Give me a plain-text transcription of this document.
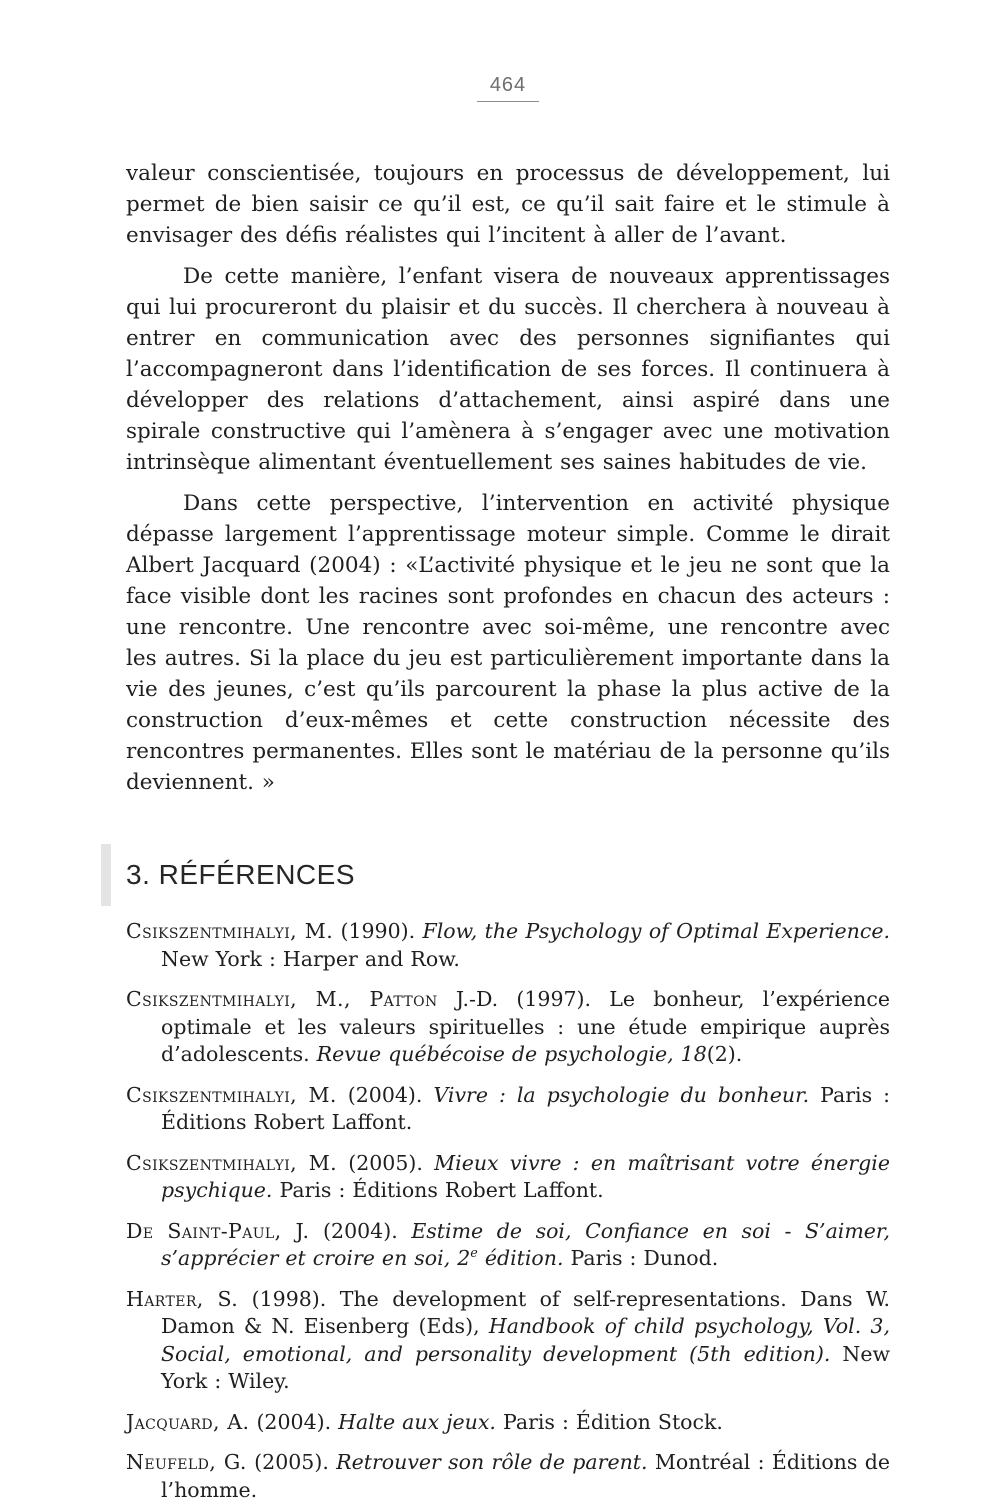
464

valeur conscientisée, toujours en processus de développement, lui permet de bien saisir ce qu’il est, ce qu’il sait faire et le stimule à envisager des défis réalistes qui l’incitent à aller de l’avant.

De cette manière, l’enfant visera de nouveaux apprentissages qui lui procureront du plaisir et du succès. Il cherchera à nouveau à entrer en communication avec des personnes signifiantes qui l’accompagneront dans l’identification de ses forces. Il continuera à développer des relations d’attachement, ainsi aspiré dans une spirale constructive qui l’amènera à s’engager avec une motivation intrinsèque alimentant éventuellement ses saines habitudes de vie.

Dans cette perspective, l’intervention en activité physique dépasse largement l’apprentissage moteur simple. Comme le dirait Albert Jacquard (2004) : «L’activité physique et le jeu ne sont que la face visible dont les racines sont profondes en chacun des acteurs : une rencontre. Une rencontre avec soi-même, une rencontre avec les autres. Si la place du jeu est particulièrement importante dans la vie des jeunes, c’est qu’ils parcourent la phase la plus active de la construction d’eux-mêmes et cette construction nécessite des rencontres permanentes. Elles sont le matériau de la personne qu’ils deviennent. »

3. RÉFÉRENCES

Csikszentmihalyi, M. (1990). Flow, the Psychology of Optimal Experience. New York : Harper and Row.

Csikszentmihalyi, M., Patton J.-D. (1997). Le bonheur, l’expérience optimale et les valeurs spirituelles : une étude empirique auprès d’adolescents. Revue québécoise de psychologie, 18(2).

Csikszentmihalyi, M. (2004). Vivre : la psychologie du bonheur. Paris : Éditions Robert Laffont.

Csikszentmihalyi, M. (2005). Mieux vivre : en maîtrisant votre énergie psychique. Paris : Éditions Robert Laffont.

De Saint-Paul, J. (2004). Estime de soi, Confiance en soi - S’aimer, s’apprécier et croire en soi, 2e édition. Paris : Dunod.

Harter, S. (1998). The development of self-representations. Dans W. Damon & N. Eisenberg (Eds), Handbook of child psychology, Vol. 3, Social, emotional, and personality development (5th edition). New York : Wiley.

Jacquard, A. (2004). Halte aux jeux. Paris : Édition Stock.

Neufeld, G. (2005). Retrouver son rôle de parent. Montréal : Éditions de l’homme.
